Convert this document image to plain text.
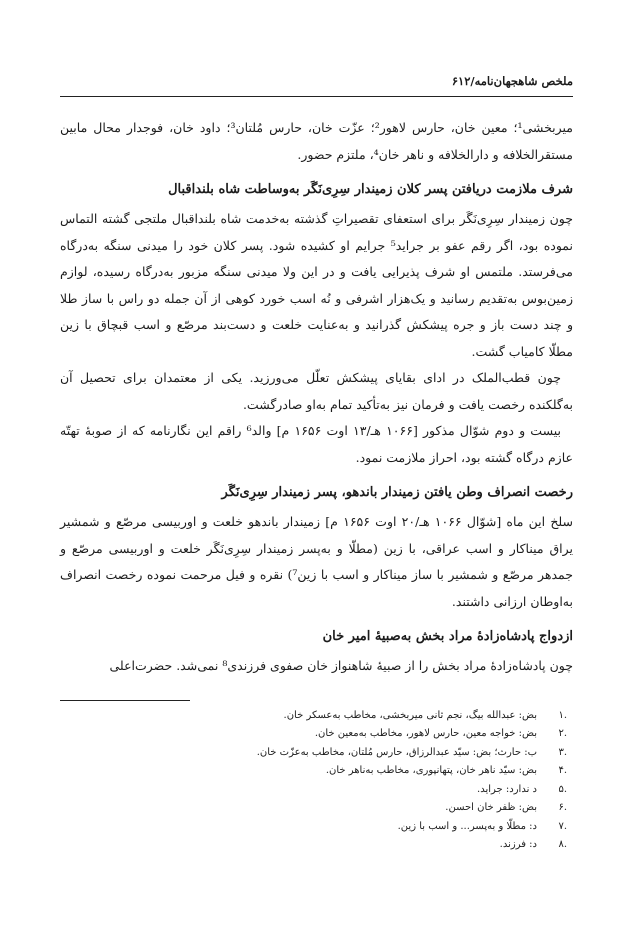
ملخص شاهجهان‌نامه/۶۱۲

میربخشی¹؛ معین خان، حارس لاهور²؛ عزّت خان، حارس مُلتان³؛ داود خان، فوجدار محال مابین مستقرالخلافه و دارالخلافه و ناهر خان⁴، ملتزم حضور.

شرف ملازمت دریافتن پسر کلان زمیندار سِرِی‌نَگَر به‌وساطت شاه بلنداقبال

چون زمیندار سِرِی‌نَگَر برای استعفای تقصیراتِ گذشته به‌خدمت شاه بلنداقبال ملتجی گشته التماس نموده بود، اگر رقم عفو بر جراید⁵ جرایم او کشیده شود. پسر کلان خود را میدنی سنگه به‌درگاه می‌فرستد. ملتمس او شرف پذیرایی یافت و در این ولا میدنی سنگه مزبور به‌درگاه رسیده، لوازم زمین‌بوس به‌تقدیم رسانید و یک‌هزار اشرفی و نُه اسب خورد کوهی از آن جمله دو راس با ساز طلا و چند دست باز و جره پیشکش گذرانید و به‌عنایت خلعت و دست‌بند مرصّع و اسب قبچاق با زین مطلّا کامیاب گشت.

چون قطب‌الملک در ادای بقایای پیشکش تعلّل می‌ورزید. یکی از معتمدان برای تحصیل آن به‌گلکنده رخصت یافت و فرمان نیز به‌تأکید تمام به‌او صادرگشت.

بیست و دوم شوّال مذکور [۱۰۶۶ هـ/۱۳ اوت ۱۶۵۶ م] والد⁶ راقم این نگارنامه که از صوبۀ تهتّه عازم درگاه گشته بود، احراز ملازمت نمود.

رخصت انصراف وطن یافتن زمیندار باندهو، پسر زمیندار سِرِی‌نَگَر

سلخ این ماه [شوّال ۱۰۶۶ هـ/۲۰ اوت ۱۶۵۶ م] زمیندار باندهو خلعت و اوربیسی مرصّع و شمشیر یراق میناکار و اسب عراقی، با زین (مطلّا و به‌پسر زمیندار سِرِی‌نَگَر خلعت و اوربیسی مرصّع و جمدهر مرصّع و شمشیر با ساز میناکار و اسب با زین⁷) نقره و فیل مرحمت نموده رخصت انصراف به‌اوطان ارزانی داشتند.

ازدواج پادشاه‌زادۀ مراد بخش به‌صبیۀ امیر خان

چون پادشاه‌زادۀ مراد بخش را از صبیۀ شاهنواز خان صفوی فرزندی⁸ نمی‌شد. حضرت‌اعلی

.۱
بض: عبدالله بیگ، نجم ثانی میربخشی، مخاطب به‌عسکر خان.
.۲
بض: خواجه معین، حارس لاهور، مخاطب به‌معین خان.
.۳
ب: حارث؛ بض: سیّد عبدالرزاق، حارس مُلتان، مخاطب به‌عزّت خان.
.۴
بض: سیّد ناهر خان، پتهانپوری، مخاطب به‌ناهر خان.
.۵
د ندارد: جراید.
.۶
بض: ظفر خان احسن.
.۷
د: مطلّا و به‌پسر... و اسب با زین.
.۸
د: فرزند.
